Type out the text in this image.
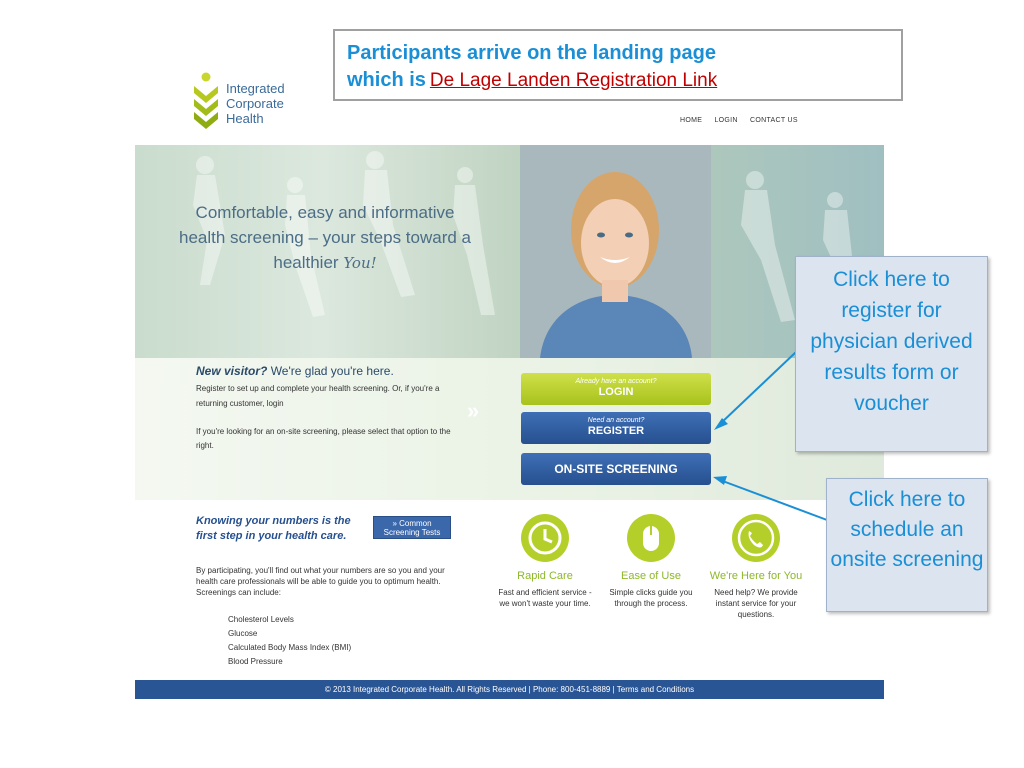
Participants arrive on the landing page
which is De Lage Landen Registration Link
Integrated
Corporate
Health	HOME LOGIN CONTACT US
Comfortable, easy and informative health screening – your steps toward a healthier You!
New visitor? We're glad you're here.
Register to set up and complete your health screening. Or, if you're a returning customer, login
If you're looking for an on-site screening, please select that option to the right.
»
Already have an account?
LOGIN
Need an account?
REGISTER
ON-SITE SCREENING
Click here to register for physician derived results form or voucher
Click here to schedule an onsite screening
Knowing your numbers is the first step in your health care.
» Common Screening Tests
By participating, you'll find out what your numbers are so you and your health care professionals will be able to guide you to optimum health. Screenings can include:
Cholesterol Levels
Glucose
Calculated Body Mass Index (BMI)
Blood Pressure
Rapid Care
Fast and efficient service - we won't waste your time.
Ease of Use
Simple clicks guide you through the process.
We're Here for You
Need help? We provide instant service for your questions.
© 2013 Integrated Corporate Health. All Rights Reserved | Phone: 800-451-8889 | Terms and Conditions
